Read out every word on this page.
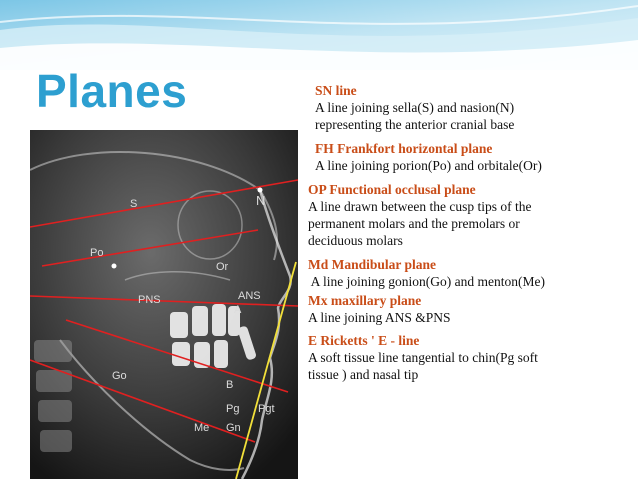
Planes
S	N
Po
Or
PNS	ANS
A
Go
B
Pg Pgt
Me Gn
SN line
A line joining sella(S) and nasion(N)
representing the anterior cranial base
FH Frankfort horizontal plane
A line joining porion(Po) and orbitale(Or)
OP Functional occlusal plane
A line drawn between the cusp tips of the
permanent molars and the premolars or
deciduous molars
Md Mandibular plane
A line joining gonion(Go) and menton(Me)
Mx maxillary plane
A line joining ANS &PNS
E Ricketts ' E - line
A soft tissue line tangential to chin(Pg soft
tissue ) and nasal tip
